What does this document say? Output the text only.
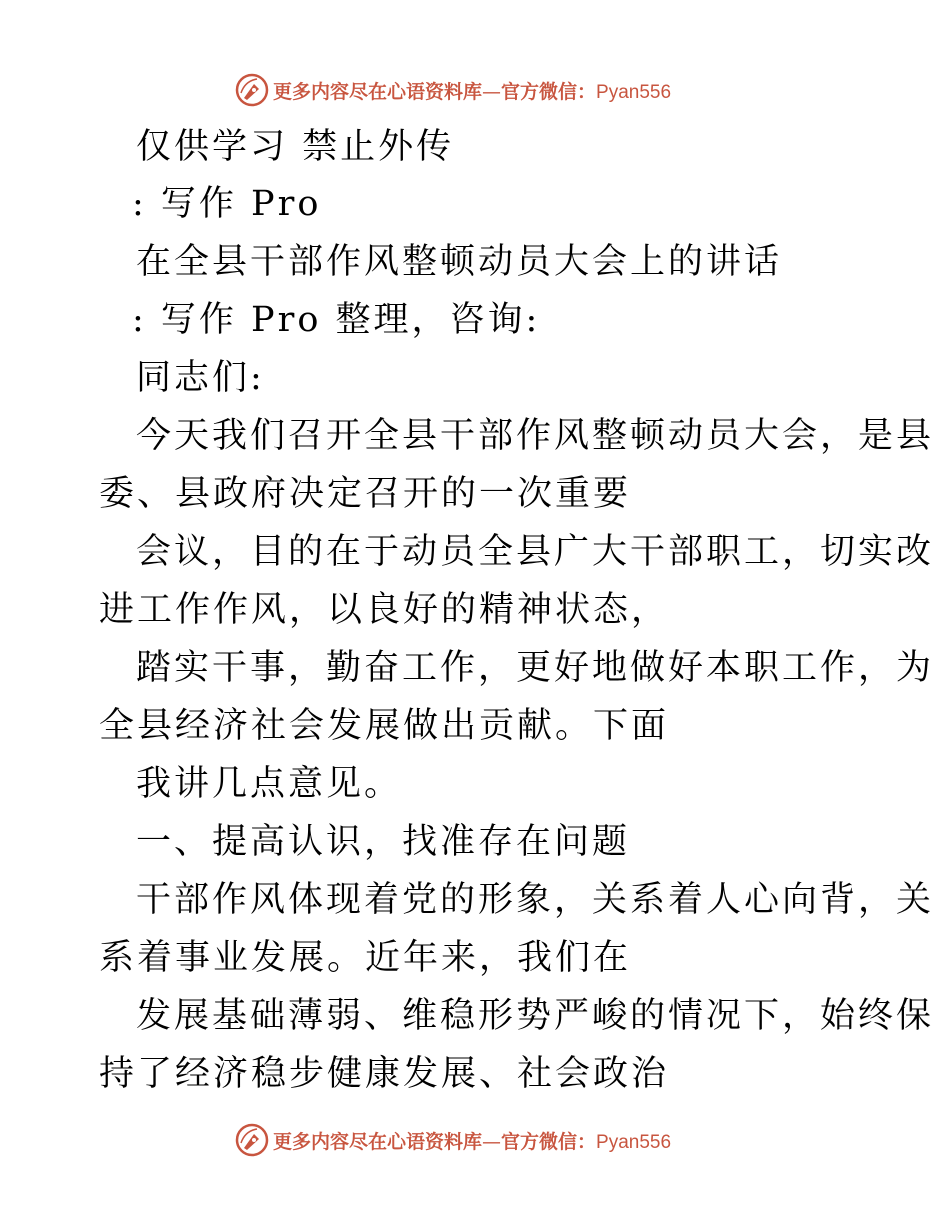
更多内容尽在心语资料库—官方微信：Pyan556
仅供学习 禁止外传
: 写作 Pro
在全县干部作风整顿动员大会上的讲话
: 写作 Pro 整理，咨询:
同志们:
今天我们召开全县干部作风整顿动员大会，是县
委、县政府决定召开的一次重要
会议，目的在于动员全县广大干部职工，切实改
进工作作风，以良好的精神状态，
踏实干事，勤奋工作，更好地做好本职工作，为
全县经济社会发展做出贡献。下面
我讲几点意见。
一、提高认识，找准存在问题
干部作风体现着党的形象，关系着人心向背，关
系着事业发展。近年来，我们在
发展基础薄弱、维稳形势严峻的情况下，始终保
持了经济稳步健康发展、社会政治
更多内容尽在心语资料库—官方微信：Pyan556
